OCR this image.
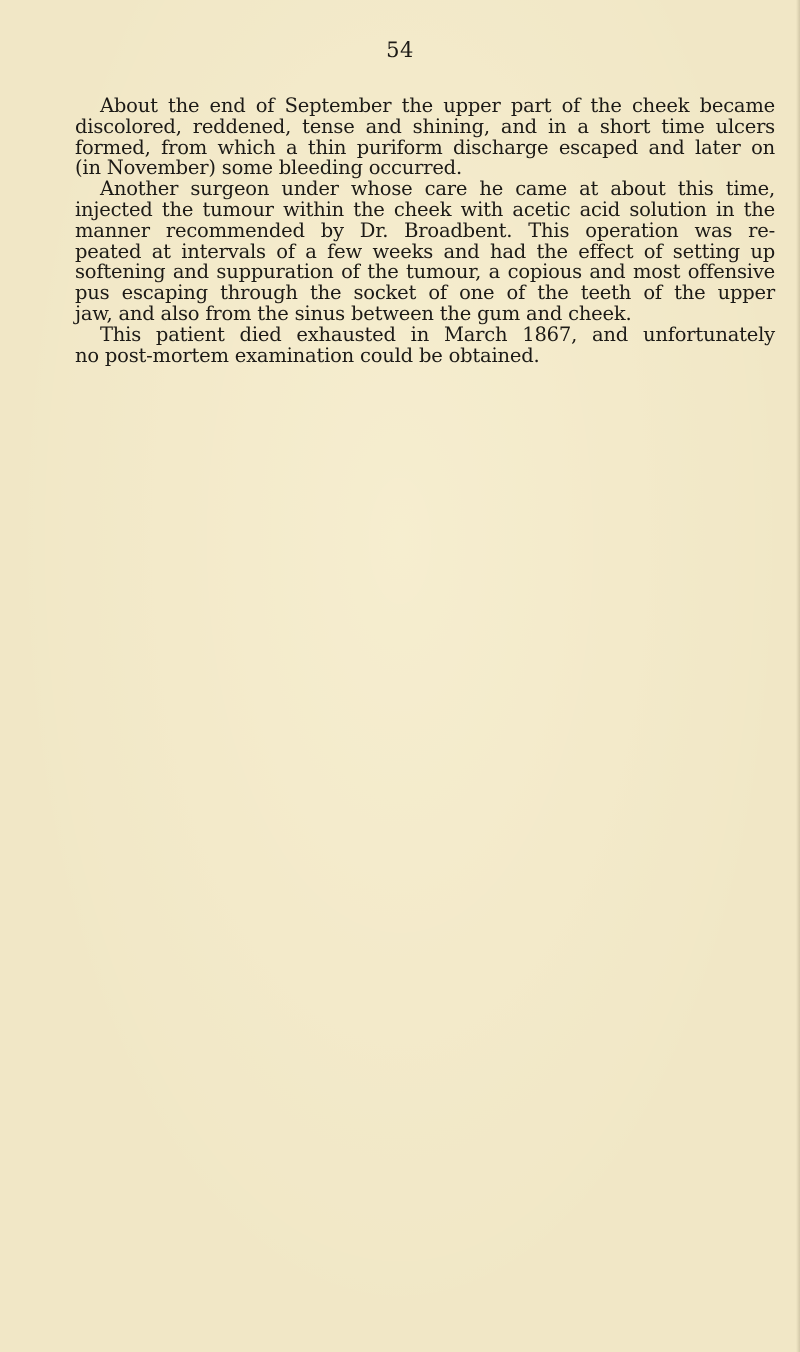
54
About the end of September the upper part of the cheek became
discolored, reddened, tense and shining, and in a short time ulcers
formed, from which a thin puriform discharge escaped and later on
(in November) some bleeding occurred.
Another surgeon under whose care he came at about this time,
injected the tumour within the cheek with acetic acid solution in the
manner recommended by Dr. Broadbent. This operation was re-
peated at intervals of a few weeks and had the effect of setting up
softening and suppuration of the tumour, a copious and most offensive
pus escaping through the socket of one of the teeth of the upper
jaw, and also from the sinus between the gum and cheek.
This patient died exhausted in March 1867, and unfortunately
no post-mortem examination could be obtained.
